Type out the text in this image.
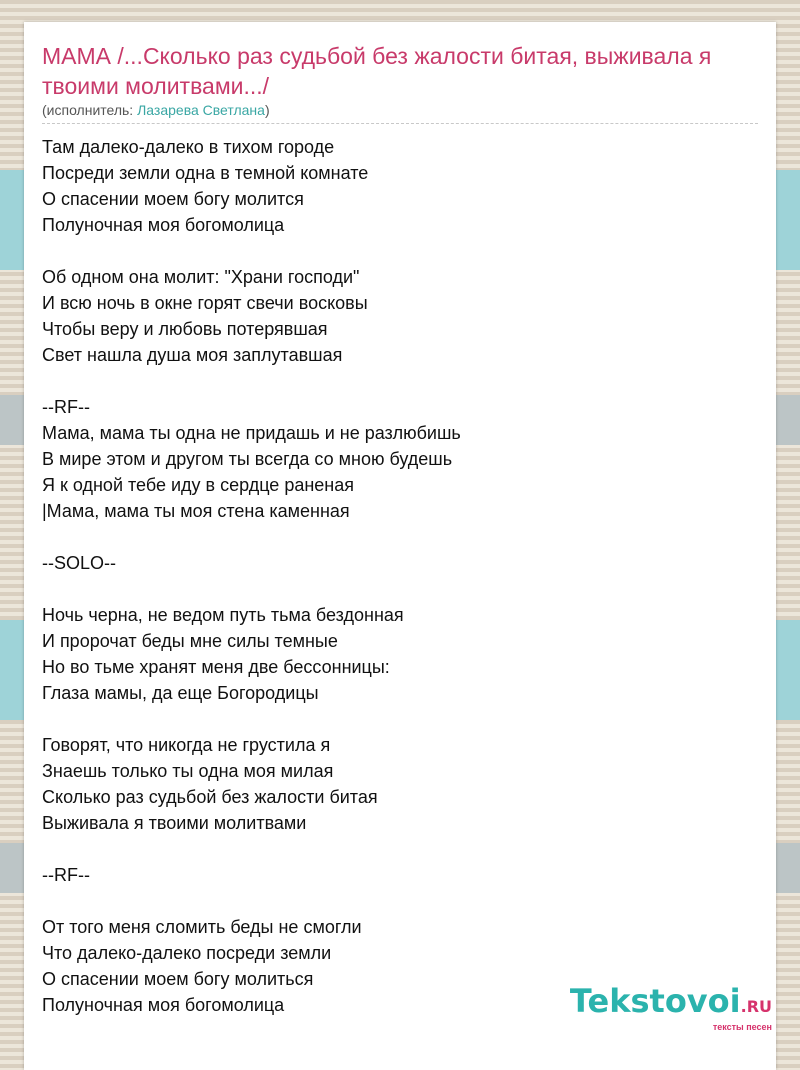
МАМА /...Сколько раз судьбой без жалости битая, выживала я твоими молитвами.../
(исполнитель: Лазарева Светлана)
Там далеко-далеко в тихом городе
Посреди земли одна в темной комнате
О спасении моем богу молится
Полуночная моя богомолица
Об одном она молит: "Храни господи"
И всю ночь в окне горят свечи восковы
Чтобы веру и любовь потерявшая
Свет нашла душа моя заплутавшая
--RF--
Мама, мама ты одна не придашь и не разлюбишь
В мире этом и другом ты всегда со мною будешь
Я к одной тебе иду в сердце раненая
|Мама, мама ты моя стена каменная
--SOLO--
Ночь черна, не ведом путь тьма бездонная
И пророчат беды мне силы темные
Но во тьме хранят меня две бессонницы:
Глаза мамы, да еще Богородицы
Говорят, что никогда не грустила я
Знаешь только ты одна моя милая
Сколько раз судьбой без жалости битая
Выживала я твоими молитвами
--RF--
От того меня сломить беды не смогли
Что далеко-далеко посреди земли
О спасении моем богу молиться
Полуночная моя богомолица	Tekstovoi.RU
тексты песен
